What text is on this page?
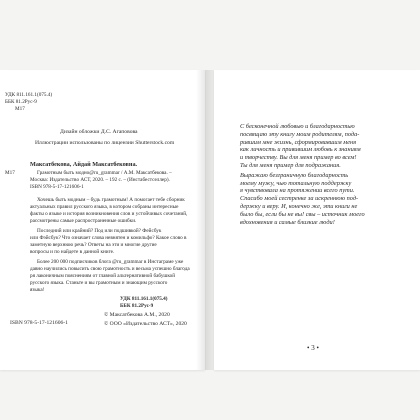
УДК 811.161.1(075.4)
ББК 81.2Рус-9
М17
Дизайн обложки Д.С. Агаповова
Иллюстрации использованы по лицензии Shutterstock.com
Максатбекова, Айдай Максатбековна.
М17	Грамотным быть модно@ru_grammar / А.М. Максатбекова. –
Москва: Издательство АСТ, 2020. – 192 с. – (Инстабестселлер).
ISBN 978-5-17-121606-1
Хочешь быть модным – будь грамотным! А помогает тебе сборник
актуальных правил русского языка, в котором собраны интересные
факты о языке и история возникновения слов и устойчивых сочетаний,
рассмотрены самые распространенные ошибки.
Последний или крайний? Под или подшивкой? Фейсбук
или Фэйсбук? Что означает слова невнятен и комильфо? Какое слово в
заметную верхнюю речь? Ответы на эти и многие другие
вопросы и по найдете в данной книге.
Более 200 000 подписчиков блога @ru_grammar в Инстаграме уже
давно научились повысить свою грамотность и весьма успешно благода
ря лаконичным пояснениям от главной альтернативной бабушкой
русского языка. Станьте и вы грамотным и знающим русского
языка!
УДК 811.161.1(075.4)
ББК 81.2Рус-9
ISBN 978-5-17-121606-1
© Максатбекова А.М., 2020
© ООО «Издательство АСТ», 2020

С бесконечной любовью и благодарностью

посвящаю эту книгу моим родителям, пода-

рившим мне жизнь, сформировавшим меня

как личность и привившим любовь к знаниям

и творчеству. Вы для меня пример во всем!

Ты для меня пример для подражания.

Выражаю безграничную благодарность

моему мужу, чью тотальную поддержку

я чувствовала на протяжении всего пути.

Спасибо моей сестренке за искреннюю под-

держку и веру. И, конечно же, эти книги не

было бы, если бы не вы! свы – источник моего

вдохновения и самые близкие люди!

• 3 •
